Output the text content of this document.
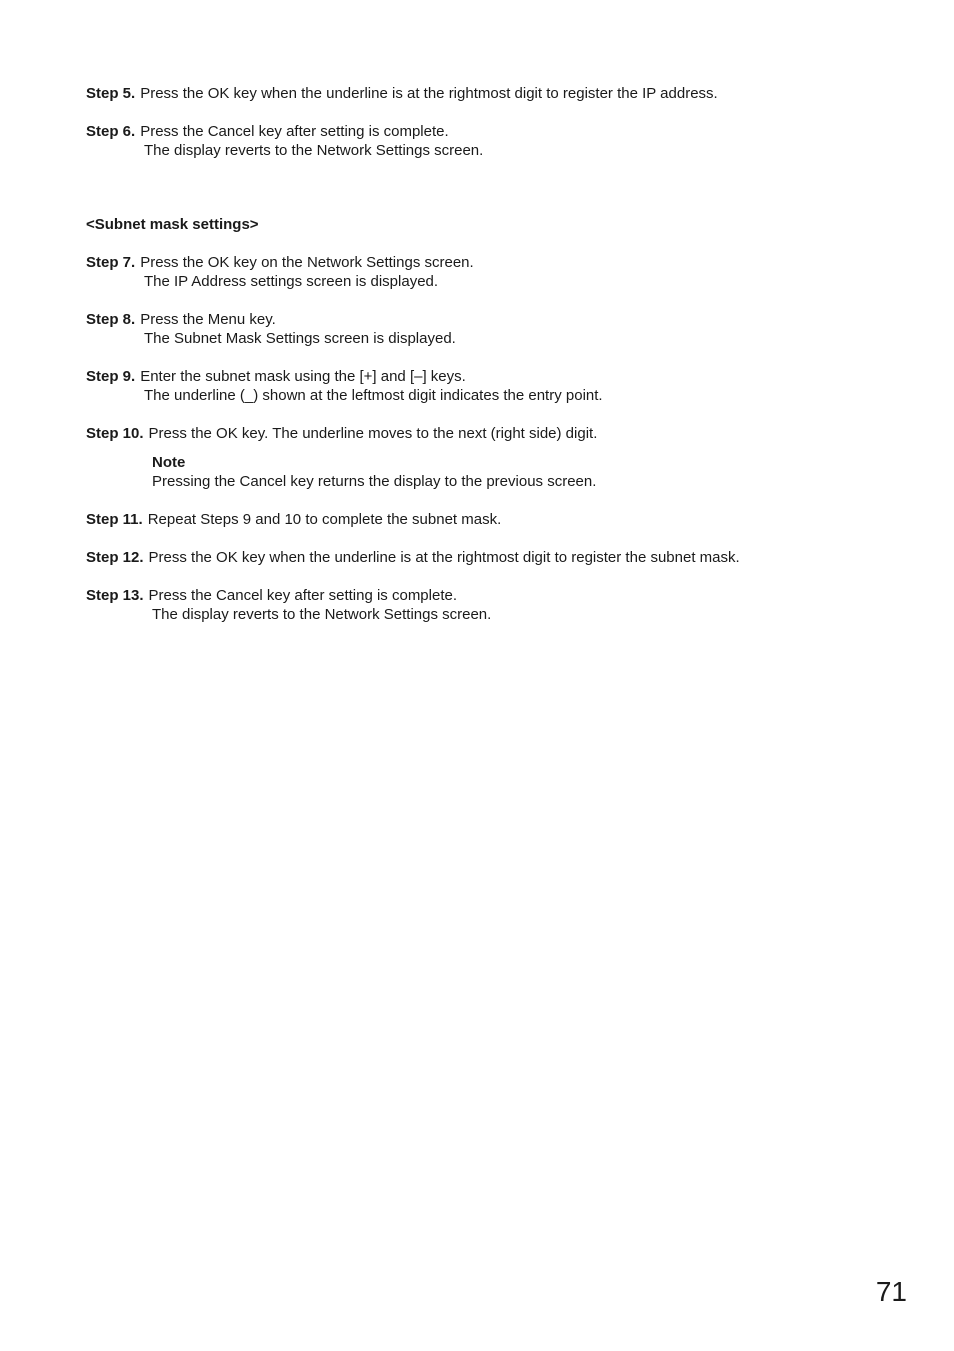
Step 5. Press the OK key when the underline is at the rightmost digit to register the IP address.
Step 6. Press the Cancel key after setting is complete.
The display reverts to the Network Settings screen.
<Subnet mask settings>
Step 7. Press the OK key on the Network Settings screen.
The IP Address settings screen is displayed.
Step 8. Press the Menu key.
The Subnet Mask Settings screen is displayed.
Step 9. Enter the subnet mask using the [+] and [–] keys.
The underline (_) shown at the leftmost digit indicates the entry point.
Step 10. Press the OK key. The underline moves to the next (right side) digit.
Note
Pressing the Cancel key returns the display to the previous screen.
Step 11. Repeat Steps 9 and 10 to complete the subnet mask.
Step 12. Press the OK key when the underline is at the rightmost digit to register the subnet mask.
Step 13. Press the Cancel key after setting is complete.
The display reverts to the Network Settings screen.
71
